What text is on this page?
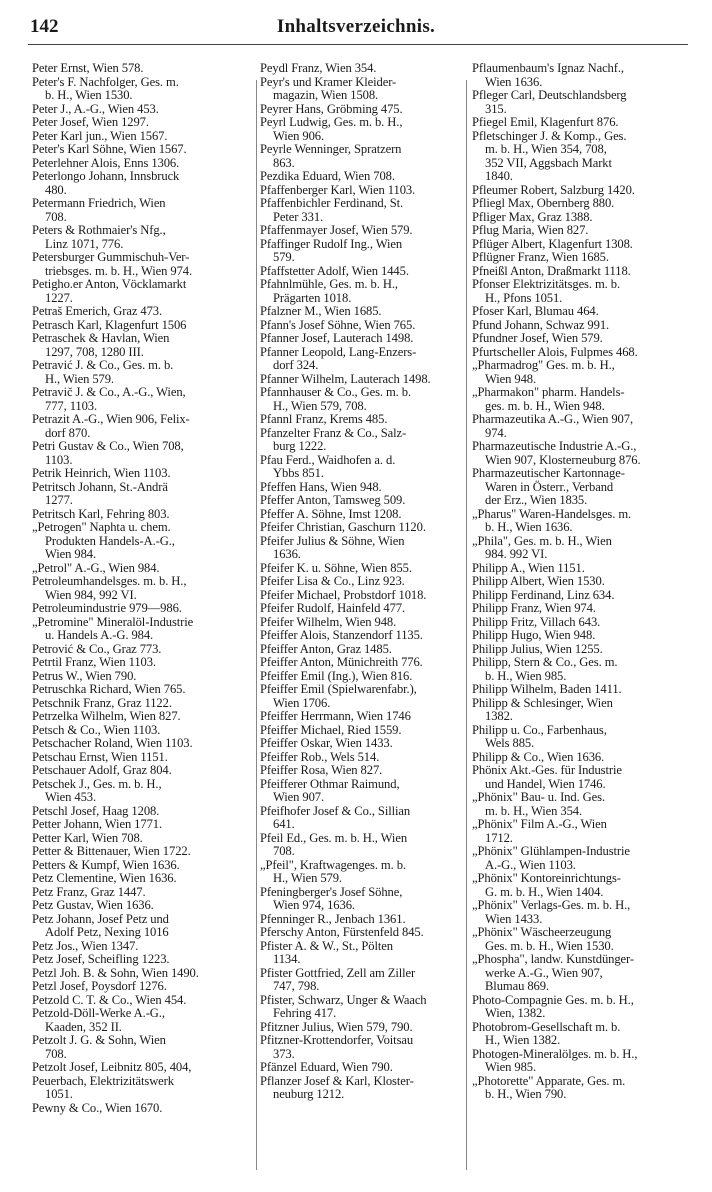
142	Inhaltsverzeichnis.
Peter Ernst, Wien 578.
Peter's F. Nachfolger, Ges. m.
b. H., Wien 1530.
Peter J., A.-G., Wien 453.
Peter Josef, Wien 1297.
Peter Karl jun., Wien 1567.
Peter's Karl Söhne, Wien 1567.
Peterlehner Alois, Enns 1306.
Peterlongo Johann, Innsbruck
480.
Petermann Friedrich, Wien
708.
Peters & Rothmaier's Nfg.,
Linz 1071, 776.
Petersburger Gummischuh-Ver-
triebsges. m. b. H., Wien 974.
Petigho.er Anton, Vöcklamarkt
1227.
Petraš Emerich, Graz 473.
Petrasch Karl, Klagenfurt 1506
Petraschek & Havlan, Wien
1297, 708, 1280 III.
Petravić J. & Co., Ges. m. b.
H., Wien 579.
Petravič J. & Co., A.-G., Wien,
777, 1103.
Petrazit A.-G., Wien 906, Felix-
dorf 870.
Petri Gustav & Co., Wien 708,
1103.
Petrik Heinrich, Wien 1103.
Petritsch Johann, St.-Andrä
1277.
Petritsch Karl, Fehring 803.
„Petrogen" Naphta u. chem.
Produkten Handels-A.-G.,
Wien 984.
„Petrol" A.-G., Wien 984.
Petroleumhandelsges. m. b. H.,
Wien 984, 992 VI.
Petroleumindustrie 979—986.
„Petromine" Mineralöl-Industrie
u. Handels A.-G. 984.
Petrović & Co., Graz 773.
Petrtil Franz, Wien 1103.
Petrus W., Wien 790.
Petruschka Richard, Wien 765.
Petschnik Franz, Graz 1122.
Petrzelka Wilhelm, Wien 827.
Petsch & Co., Wien 1103.
Petschacher Roland, Wien 1103.
Petschau Ernst, Wien 1151.
Petschauer Adolf, Graz 804.
Petschek J., Ges. m. b. H.,
Wien 453.
Petschl Josef, Haag 1208.
Petter Johann, Wien 1771.
Petter Karl, Wien 708.
Petter & Bittenauer, Wien 1722.
Petters & Kumpf, Wien 1636.
Petz Clementine, Wien 1636.
Petz Franz, Graz 1447.
Petz Gustav, Wien 1636.
Petz Johann, Josef Petz und
Adolf Petz, Nexing 1016
Petz Jos., Wien 1347.
Petz Josef, Scheifling 1223.
Petzl Joh. B. & Sohn, Wien 1490.
Petzl Josef, Poysdorf 1276.
Petzold C. T. & Co., Wien 454.
Petzold-Döll-Werke A.-G.,
Kaaden, 352 II.
Petzolt J. G. & Sohn, Wien
708.
Petzolt Josef, Leibnitz 805, 404,
Peuerbach, Elektrizitätswerk
1051.
Pewny & Co., Wien 1670.
Peydl Franz, Wien 354.
Peyr's und Kramer Kleider-
magazin, Wien 1508.
Peyrer Hans, Gröbming 475.
Peyrl Ludwig, Ges. m. b. H.,
Wien 906.
Peyrle Wenninger, Spratzern
863.
Pezdika Eduard, Wien 708.
Pfaffenberger Karl, Wien 1103.
Pfaffenbichler Ferdinand, St.
Peter 331.
Pfaffenmayer Josef, Wien 579.
Pfaffinger Rudolf Ing., Wien
579.
Pfaffstetter Adolf, Wien 1445.
Pfahnlmühle, Ges. m. b. H.,
Prägarten 1018.
Pfalzner M., Wien 1685.
Pfann's Josef Söhne, Wien 765.
Pfanner Josef, Lauterach 1498.
Pfanner Leopold, Lang-Enzers-
dorf 324.
Pfanner Wilhelm, Lauterach 1498.
Pfannhauser & Co., Ges. m. b.
H., Wien 579, 708.
Pfannl Franz, Krems 485.
Pfanzelter Franz & Co., Salz-
burg 1222.
Pfau Ferd., Waidhofen a. d.
Ybbs 851.
Pfeffen Hans, Wien 948.
Pfeffer Anton, Tamsweg 509.
Pfeffer A. Söhne, Imst 1208.
Pfeifer Christian, Gaschurn 1120.
Pfeifer Julius & Söhne, Wien
1636.
Pfeifer K. u. Söhne, Wien 855.
Pfeifer Lisa & Co., Linz 923.
Pfeifer Michael, Probstdorf 1018.
Pfeifer Rudolf, Hainfeld 477.
Pfeifer Wilhelm, Wien 948.
Pfeiffer Alois, Stanzendorf 1135.
Pfeiffer Anton, Graz 1485.
Pfeiffer Anton, Münichreith 776.
Pfeiffer Emil (Ing.), Wien 816.
Pfeiffer Emil (Spielwarenfabr.),
Wien 1706.
Pfeiffer Herrmann, Wien 1746
Pfeiffer Michael, Ried 1559.
Pfeiffer Oskar, Wien 1433.
Pfeiffer Rob., Wels 514.
Pfeiffer Rosa, Wien 827.
Pfeifferer Othmar Raimund,
Wien 907.
Pfeifhofer Josef & Co., Sillian
641.
Pfeil Ed., Ges. m. b. H., Wien
708.
„Pfeil", Kraftwagenges. m. b.
H., Wien 579.
Pfeningberger's Josef Söhne,
Wien 974, 1636.
Pfenninger R., Jenbach 1361.
Pferschy Anton, Fürstenfeld 845.
Pfister A. & W., St., Pölten
1134.
Pfister Gottfried, Zell am Ziller
747, 798.
Pfister, Schwarz, Unger & Waach
Fehring 417.
Pfitzner Julius, Wien 579, 790.
Pfitzner-Krottendorfer, Voitsau
373.
Pfänzel Eduard, Wien 790.
Pflanzer Josef & Karl, Kloster-
neuburg 1212.
Pflaumenbaum's Ignaz Nachf.,
Wien 1636.
Pfleger Carl, Deutschlandsberg
315.
Pfiegel Emil, Klagenfurt 876.
Pfletschinger J. & Komp., Ges.
m. b. H., Wien 354, 708,
352 VII, Aggsbach Markt
1840.
Pfleumer Robert, Salzburg 1420.
Pfliegl Max, Obernberg 880.
Pfliger Max, Graz 1388.
Pflug Maria, Wien 827.
Pflüger Albert, Klagenfurt 1308.
Pflügner Franz, Wien 1685.
Pfneißl Anton, Draßmarkt 1118.
Pfonser Elektrizitätsges. m. b.
H., Pfons 1051.
Pfoser Karl, Blumau 464.
Pfund Johann, Schwaz 991.
Pfundner Josef, Wien 579.
Pfurtscheller Alois, Fulpmes 468.
„Pharmadrog" Ges. m. b. H.,
Wien 948.
„Pharmakon" pharm. Handels-
ges. m. b. H., Wien 948.
Pharmazeutika A.-G., Wien 907,
974.
Pharmazeutische Industrie A.-G.,
Wien 907, Klosterneuburg 876.
Pharmazeutischer Kartonnage-
Waren in Österr., Verband
der Erz., Wien 1835.
„Pharus" Waren-Handelsges. m.
b. H., Wien 1636.
„Phila", Ges. m. b. H., Wien
984. 992 VI.
Philipp A., Wien 1151.
Philipp Albert, Wien 1530.
Philipp Ferdinand, Linz 634.
Philipp Franz, Wien 974.
Philipp Fritz, Villach 643.
Philipp Hugo, Wien 948.
Philipp Julius, Wien 1255.
Philipp, Stern & Co., Ges. m.
b. H., Wien 985.
Philipp Wilhelm, Baden 1411.
Philipp & Schlesinger, Wien
1382.
Philipp u. Co., Farbenhaus,
Wels 885.
Philipp & Co., Wien 1636.
Phönix Akt.-Ges. für Industrie
und Handel, Wien 1746.
„Phönix" Bau- u. Ind. Ges.
m. b. H., Wien 354.
„Phönix" Film A.-G., Wien
1712.
„Phönix" Glühlampen-Industrie
A.-G., Wien 1103.
„Phönix" Kontoreinrichtungs-
G. m. b. H., Wien 1404.
„Phönix" Verlags-Ges. m. b. H.,
Wien 1433.
„Phönix" Wäscheerzeugung
Ges. m. b. H., Wien 1530.
„Phospha", landw. Kunstdünger-
werke A.-G., Wien 907,
Blumau 869.
Photo-Compagnie Ges. m. b. H.,
Wien, 1382.
Photobrom-Gesellschaft m. b.
H., Wien 1382.
Photogen-Mineralölges. m. b. H.,
Wien 985.
„Photorette" Apparate, Ges. m.
b. H., Wien 790.
